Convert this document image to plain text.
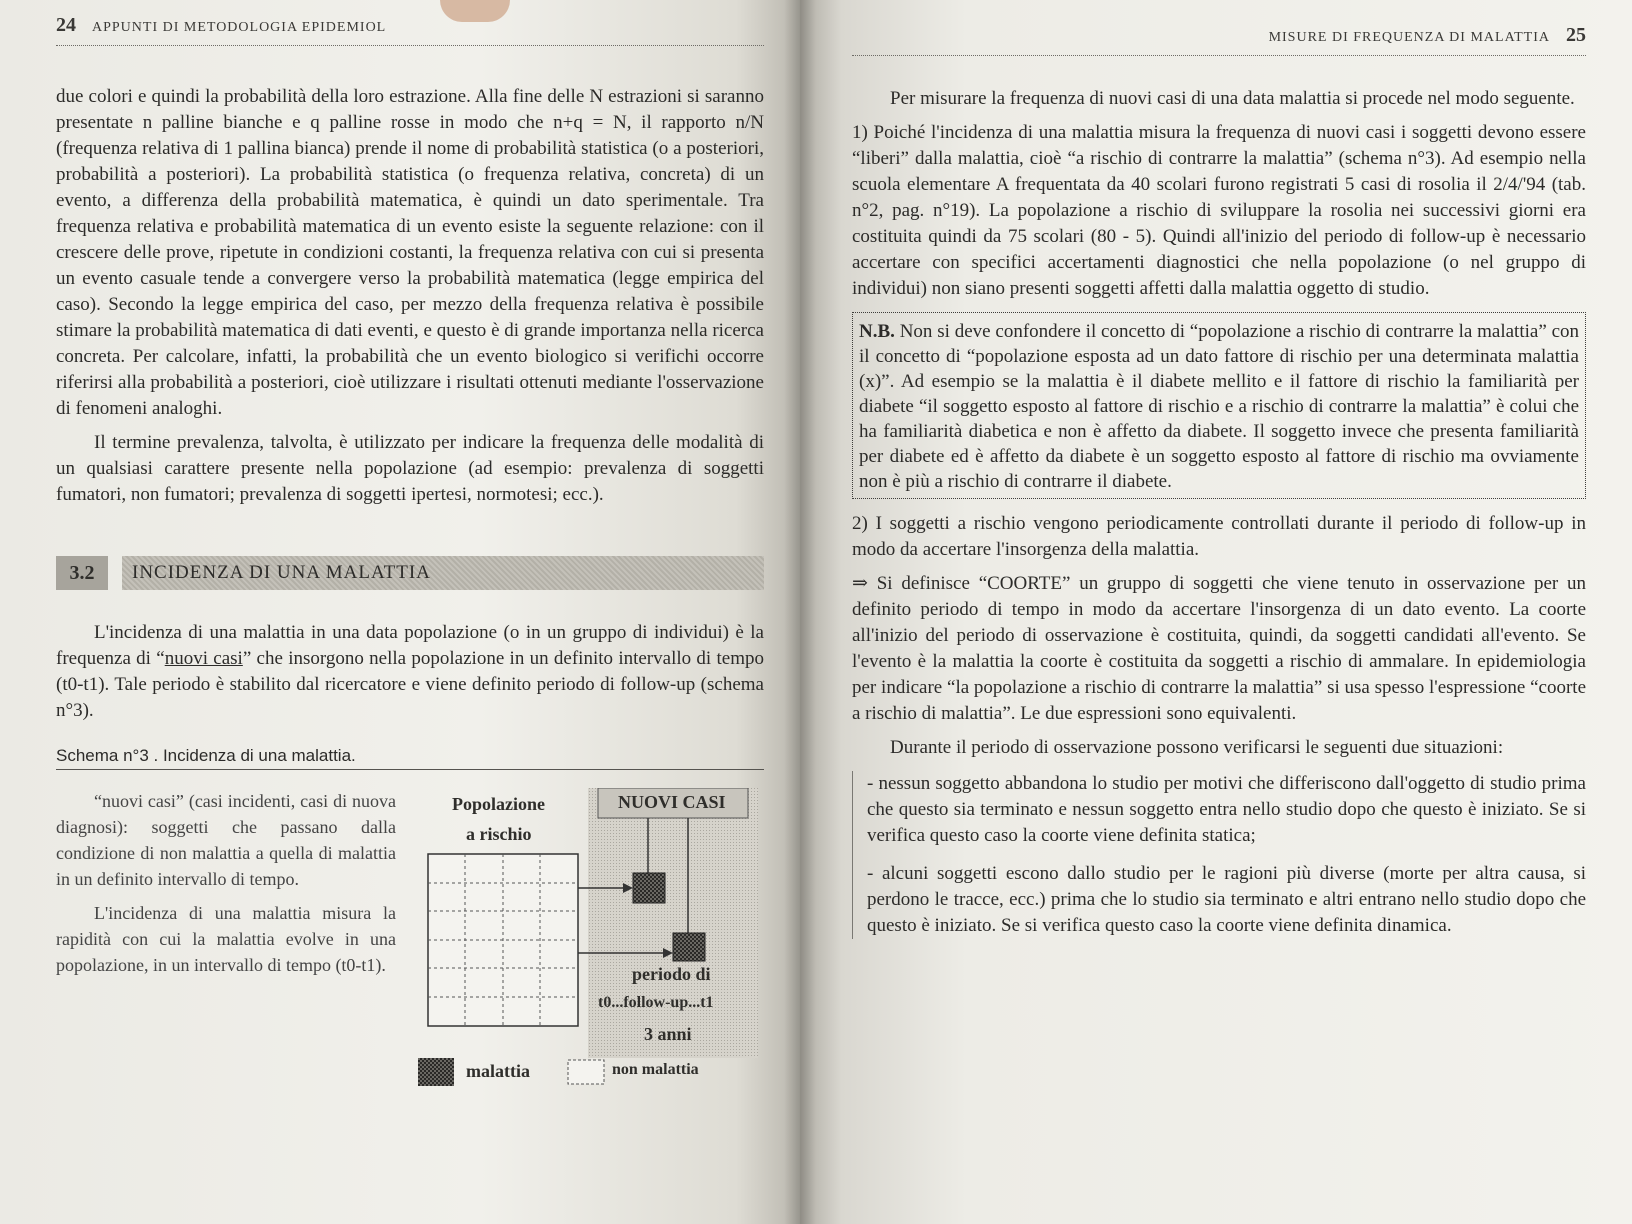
24 APPUNTI DI METODOLOGIA EPIDEMIOL

due colori e quindi la probabilità della loro estrazione. Alla fine delle N estrazioni si saranno presentate n palline bianche e q palline rosse in modo che n+q = N, il rapporto n/N (frequenza relativa di 1 pallina bianca) prende il nome di probabilità statistica (o a posteriori, probabilità a posteriori). La probabilità statistica (o frequenza relativa, concreta) di un evento, a differenza della probabilità matematica, è quindi un dato sperimentale. Tra frequenza relativa e probabilità matematica di un evento esiste la seguente relazione: con il crescere delle prove, ripetute in condizioni costanti, la frequenza relativa con cui si presenta un evento casuale tende a convergere verso la probabilità matematica (legge empirica del caso). Secondo la legge empirica del caso, per mezzo della frequenza relativa è possibile stimare la probabilità matematica di dati eventi, e questo è di grande importanza nella ricerca concreta. Per calcolare, infatti, la probabilità che un evento biologico si verifichi occorre riferirsi alla probabilità a posteriori, cioè utilizzare i risultati ottenuti mediante l'osservazione di fenomeni analoghi.

Il termine prevalenza, talvolta, è utilizzato per indicare la frequenza delle modalità di un qualsiasi carattere presente nella popolazione (ad esempio: prevalenza di soggetti fumatori, non fumatori; prevalenza di soggetti ipertesi, normotesi; ecc.).

3.2	INCIDENZA DI UNA MALATTIA

L'incidenza di una malattia in una data popolazione (o in un gruppo di individui) è la frequenza di “nuovi casi” che insorgono nella popolazione in un definito intervallo di tempo (t0-t1). Tale periodo è stabilito dal ricercatore e viene definito periodo di follow-up (schema n°3).

Schema n°3 . Incidenza di una malattia.

“nuovi casi” (casi incidenti, casi di nuova diagnosi): soggetti che passano dalla condizione di non malattia a quella di malattia in un definito intervallo di tempo.

L'incidenza di una malattia misura la rapidità con cui la malattia evolve in una popolazione, in un intervallo di tempo (t0-t1).

Popolazione
a rischio
NUOVI CASI
periodo di
t0...follow-up...t1
3 anni
malattia	non malattia
MISURE DI FREQUENZA DI MALATTIA 25

Per misurare la frequenza di nuovi casi di una data malattia si procede nel modo seguente.

1) Poiché l'incidenza di una malattia misura la frequenza di nuovi casi i soggetti devono essere “liberi” dalla malattia, cioè “a rischio di contrarre la malattia” (schema n°3). Ad esempio nella scuola elementare A frequentata da 40 scolari furono registrati 5 casi di rosolia il 2/4/'94 (tab. n°2, pag. n°19). La popolazione a rischio di sviluppare la rosolia nei successivi giorni era costituita quindi da 75 scolari (80 - 5). Quindi all'inizio del periodo di follow-up è necessario accertare con specifici accertamenti diagnostici che nella popolazione (o nel gruppo di individui) non siano presenti soggetti affetti dalla malattia oggetto di studio.

N.B. Non si deve confondere il concetto di “popolazione a rischio di contrarre la malattia” con il concetto di “popolazione esposta ad un dato fattore di rischio per una determinata malattia (x)”. Ad esempio se la malattia è il diabete mellito e il fattore di rischio la familiarità per diabete “il soggetto esposto al fattore di rischio e a rischio di contrarre la malattia” è colui che ha familiarità diabetica e non è affetto da diabete. Il soggetto invece che presenta familiarità per diabete ed è affetto da diabete è un soggetto esposto al fattore di rischio ma ovviamente non è più a rischio di contrarre il diabete.

2) I soggetti a rischio vengono periodicamente controllati durante il periodo di follow-up in modo da accertare l'insorgenza della malattia.

⇒ Si definisce “COORTE” un gruppo di soggetti che viene tenuto in osservazione per un definito periodo di tempo in modo da accertare l'insorgenza di un dato evento. La coorte all'inizio del periodo di osservazione è costituita, quindi, da soggetti candidati all'evento. Se l'evento è la malattia la coorte è costituita da soggetti a rischio di ammalare. In epidemiologia per indicare “la popolazione a rischio di contrarre la malattia” si usa spesso l'espressione “coorte a rischio di malattia”. Le due espressioni sono equivalenti.

Durante il periodo di osservazione possono verificarsi le seguenti due situazioni:

- nessun soggetto abbandona lo studio per motivi che differiscono dall'oggetto di studio prima che questo sia terminato e nessun soggetto entra nello studio dopo che questo è iniziato. Se si verifica questo caso la coorte viene definita statica;

- alcuni soggetti escono dallo studio per le ragioni più diverse (morte per altra causa, si perdono le tracce, ecc.) prima che lo studio sia terminato e altri entrano nello studio dopo che questo è iniziato. Se si verifica questo caso la coorte viene definita dinamica.
